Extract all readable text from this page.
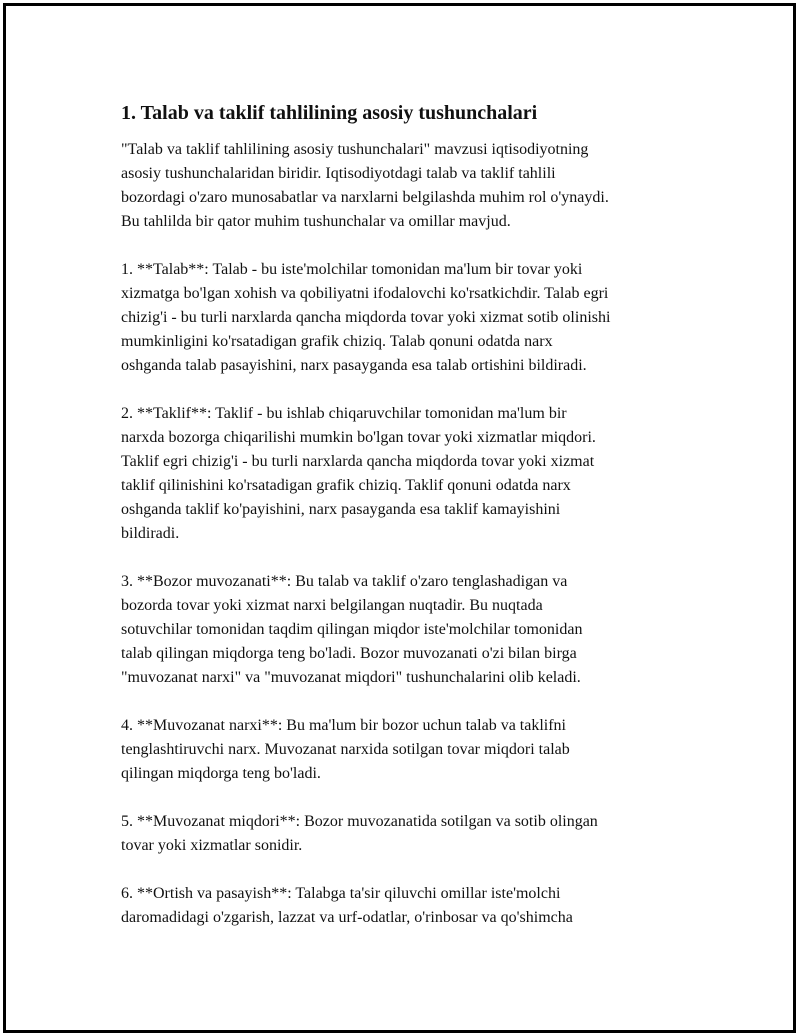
1. Talab va taklif tahlilining asosiy tushunchalari

"Talab va taklif tahlilining asosiy tushunchalari" mavzusi iqtisodiyotning
asosiy tushunchalaridan biridir. Iqtisodiyotdagi talab va taklif tahlili
bozordagi o'zaro munosabatlar va narxlarni belgilashda muhim rol o'ynaydi.
Bu tahlilda bir qator muhim tushunchalar va omillar mavjud.

1. **Talab**: Talab - bu iste'molchilar tomonidan ma'lum bir tovar yoki
xizmatga bo'lgan xohish va qobiliyatni ifodalovchi ko'rsatkichdir. Talab egri
chizig'i - bu turli narxlarda qancha miqdorda tovar yoki xizmat sotib olinishi
mumkinligini ko'rsatadigan grafik chiziq. Talab qonuni odatda narx
oshganda talab pasayishini, narx pasayganda esa talab ortishini bildiradi.

2. **Taklif**: Taklif - bu ishlab chiqaruvchilar tomonidan ma'lum bir
narxda bozorga chiqarilishi mumkin bo'lgan tovar yoki xizmatlar miqdori.
Taklif egri chizig'i - bu turli narxlarda qancha miqdorda tovar yoki xizmat
taklif qilinishini ko'rsatadigan grafik chiziq. Taklif qonuni odatda narx
oshganda taklif ko'payishini, narx pasayganda esa taklif kamayishini
bildiradi.

3. **Bozor muvozanati**: Bu talab va taklif o'zaro tenglashadigan va
bozorda tovar yoki xizmat narxi belgilangan nuqtadir. Bu nuqtada
sotuvchilar tomonidan taqdim qilingan miqdor iste'molchilar tomonidan
talab qilingan miqdorga teng bo'ladi. Bozor muvozanati o'zi bilan birga
"muvozanat narxi" va "muvozanat miqdori" tushunchalarini olib keladi.

4. **Muvozanat narxi**: Bu ma'lum bir bozor uchun talab va taklifni
tenglashtiruvchi narx. Muvozanat narxida sotilgan tovar miqdori talab
qilingan miqdorga teng bo'ladi.

5. **Muvozanat miqdori**: Bozor muvozanatida sotilgan va sotib olingan
tovar yoki xizmatlar sonidir.

6. **Ortish va pasayish**: Talabga ta'sir qiluvchi omillar iste'molchi
daromadidagi o'zgarish, lazzat va urf-odatlar, o'rinbosar va qo'shimcha
